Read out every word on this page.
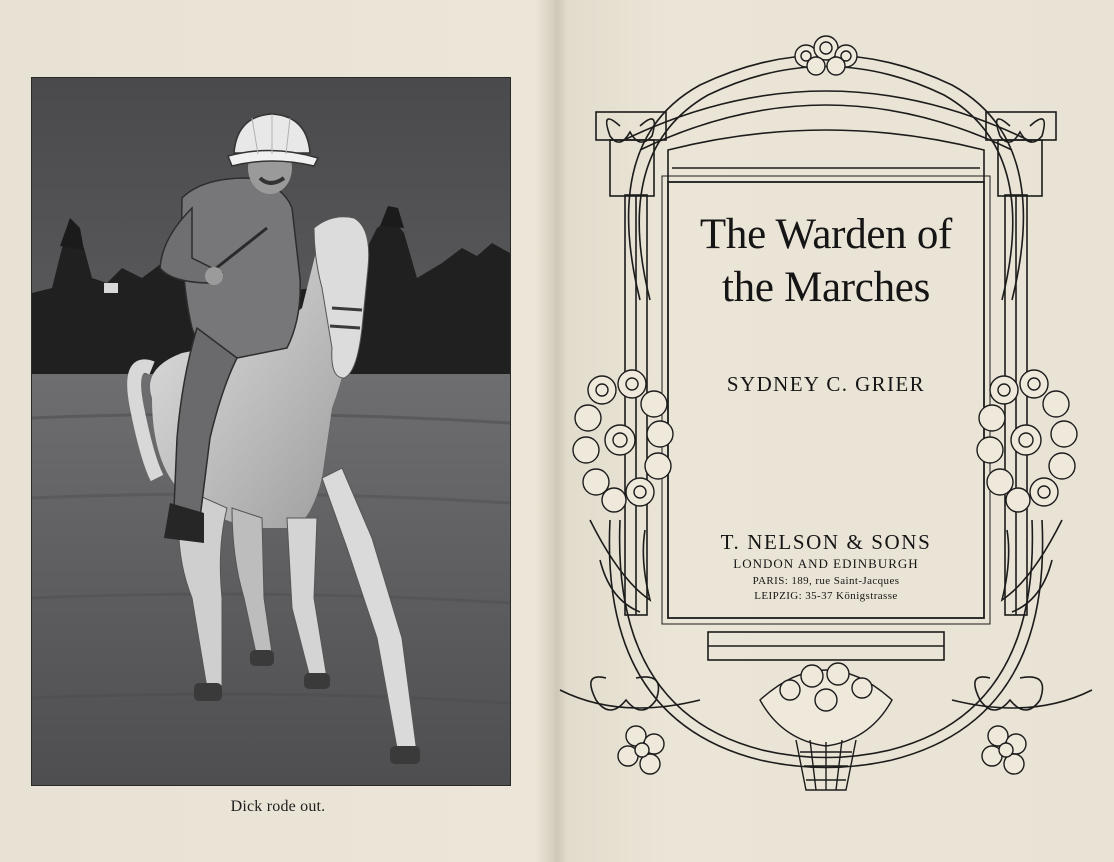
Dick rode out.
The Warden of
the Marches
SYDNEY C. GRIER
T. NELSON & SONS
LONDON AND EDINBURGH
PARIS: 189, rue Saint-Jacques
LEIPZIG: 35-37 Königstrasse
